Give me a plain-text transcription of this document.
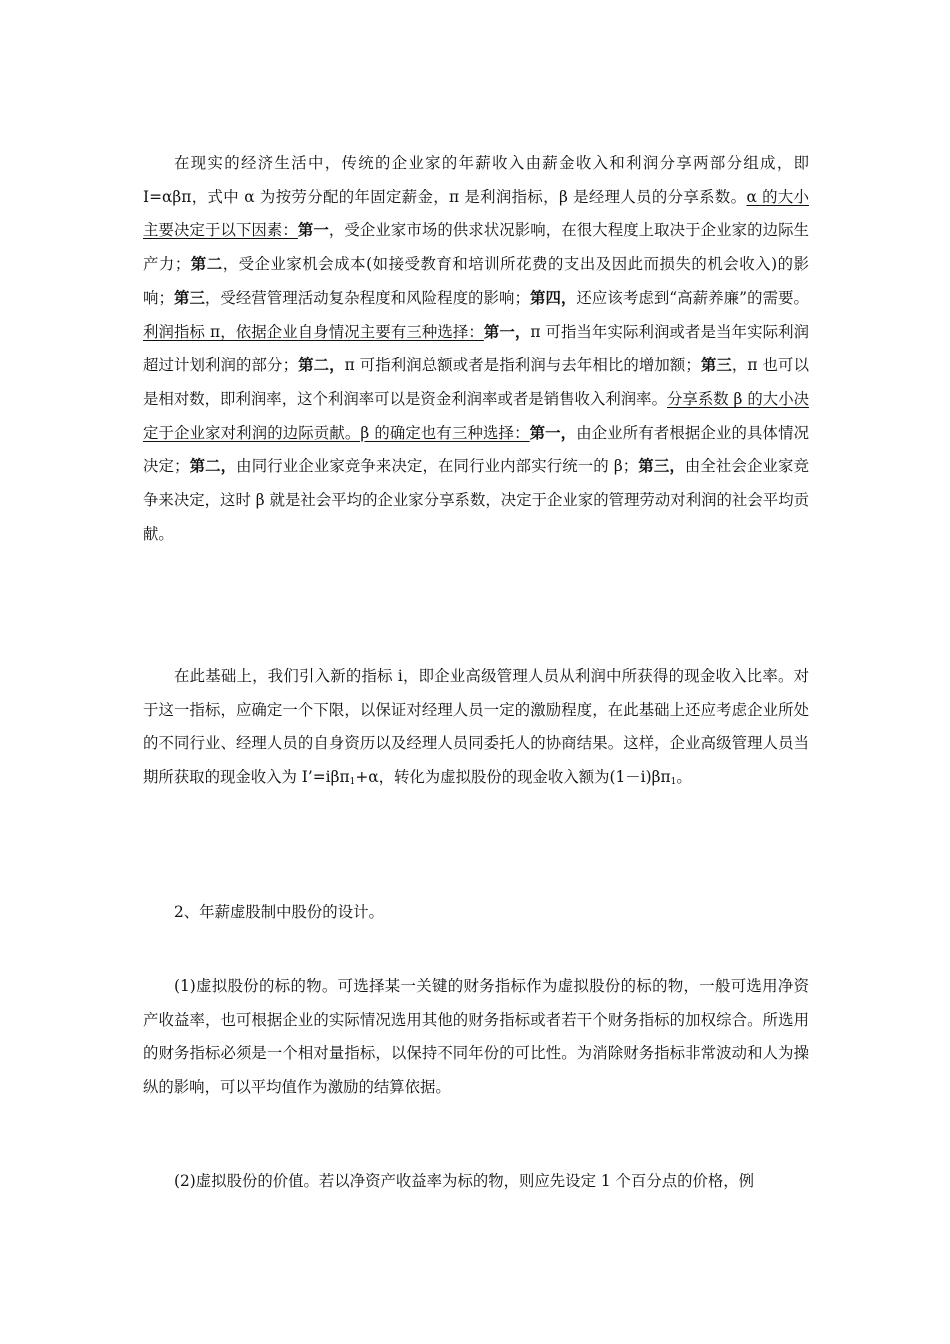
在现实的经济生活中，传统的企业家的年薪收入由薪金收入和利润分享两部分组成，即 I=αβπ，式中 α 为按劳分配的年固定薪金，π 是利润指标，β 是经理人员的分享系数。α 的大小主要决定于以下因素：第一，受企业家市场的供求状况影响，在很大程度上取决于企业家的边际生产力；第二，受企业家机会成本(如接受教育和培训所花费的支出及因此而损失的机会收入)的影响；第三，受经营管理活动复杂程度和风险程度的影响；第四，还应该考虑到“高薪养廉”的需要。利润指标 π，依据企业自身情况主要有三种选择：第一，π 可指当年实际利润或者是当年实际利润超过计划利润的部分；第二，π 可指利润总额或者是指利润与去年相比的增加额；第三，π 也可以是相对数，即利润率，这个利润率可以是资金利润率或者是销售收入利润率。分享系数 β 的大小决定于企业家对利润的边际贡献。β 的确定也有三种选择：第一，由企业所有者根据企业的具体情况决定；第二，由同行业企业家竞争来决定，在同行业内部实行统一的 β；第三，由全社会企业家竞争来决定，这时 β 就是社会平均的企业家分享系数，决定于企业家的管理劳动对利润的社会平均贡献。

在此基础上，我们引入新的指标 i，即企业高级管理人员从利润中所获得的现金收入比率。对于这一指标，应确定一个下限，以保证对经理人员一定的激励程度，在此基础上还应考虑企业所处的不同行业、经理人员的自身资历以及经理人员同委托人的协商结果。这样，企业高级管理人员当期所获取的现金收入为 I’=iβπ$_1$+α，转化为虚拟股份的现金收入额为$(1-i)\beta\pi_1$。

2、年薪虚股制中股份的设计。

(1)虚拟股份的标的物。可选择某一关键的财务指标作为虚拟股份的标的物，一般可选用净资产收益率，也可根据企业的实际情况选用其他的财务指标或者若干个财务指标的加权综合。所选用的财务指标必须是一个相对量指标，以保持不同年份的可比性。为消除财务指标非常波动和人为操纵的影响，可以平均值作为激励的结算依据。

(2)虚拟股份的价值。若以净资产收益率为标的物，则应先设定 1 个百分点的价格，例
